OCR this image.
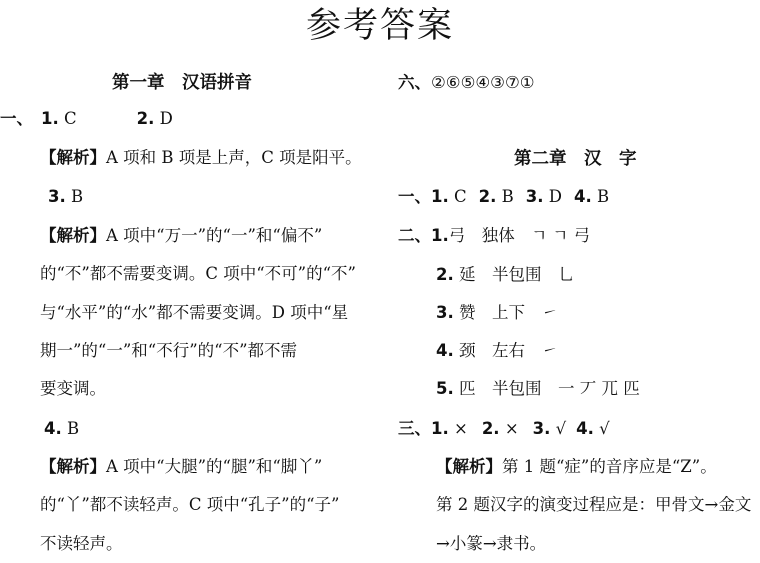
参考答案
第一章　汉语拼音
一、 1. C	2. D
【解析】A 项和 B 项是上声，C 项是阳平。
3. B
【解析】A 项中“万一”的“一”和“偏不”
的“不”都不需要变调。C 项中“不可”的“不”
与“水平”的“水”都不需要变调。D 项中“星
期一”的“一”和“不行”的“不”都不需
要变调。
4. B
【解析】A 项中“大腿”的“腿”和“脚丫”
的“丫”都不读轻声。C 项中“孔子”的“子”
不读轻声。
六、②⑥⑤④③⑦①
第二章　汉　字
一、1. C 2. B 3. D 4. B
二、1.弓　独体　ㄱ ㄱ 弓
2. 延　半包围　乚
3. 赞　上下　㇀
4. 颈　左右　㇀
5. 匹　半包围　一 丆 兀 匹
三、1. × 2. × 3. √ 4. √
【解析】第 1 题“症”的音序应是“Z”。
第 2 题汉字的演变过程应是：甲骨文→金文
→小篆→隶书。
